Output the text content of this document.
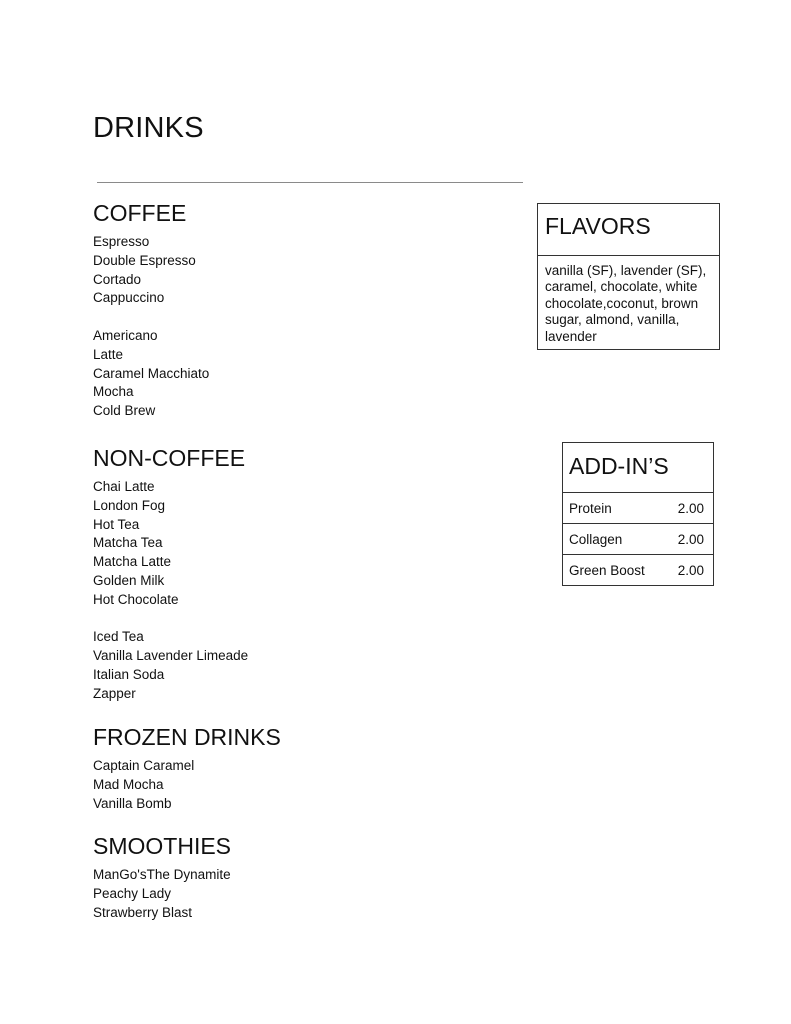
DRINKS
COFFEE
Espresso
Double Espresso
Cortado
Cappuccino
Americano
Latte
Caramel Macchiato
Mocha
Cold Brew
NON-COFFEE
Chai Latte
London Fog
Hot Tea
Matcha Tea
Matcha Latte
Golden Milk
Hot Chocolate
Iced Tea
Vanilla Lavender Limeade
Italian Soda
Zapper
FROZEN DRINKS
Captain Caramel
Mad Mocha
Vanilla Bomb
SMOOTHIES
ManGo'sThe Dynamite
Peachy Lady
Strawberry Blast
FLAVORS
vanilla (SF), lavender (SF), caramel, chocolate, white chocolate,coconut, brown sugar, almond, vanilla, lavender
ADD-IN’S
Protein	2.00
Collagen	2.00
Green Boost 2.00
